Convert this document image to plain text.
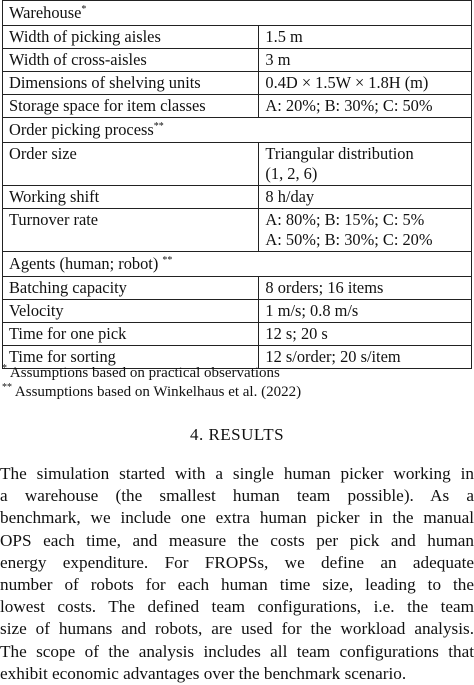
Warehouse*
Width of picking aisles	1.5 m

Width of cross-aisles	3 m

Dimensions of shelving units	0.4D × 1.5W × 1.8H (m)

Storage space for item classes	A: 20%; B: 30%; C: 50%

Order picking process**
Order size	Triangular distribution
(1, 2, 6)

Working shift	8 h/day

Turnover rate	A: 80%; B: 15%; C: 5%
A: 50%; B: 30%; C: 20%

Agents (human; robot) **
Batching capacity	8 orders; 16 items

Velocity	1 m/s; 0.8 m/s

Time for one pick	12 s; 20 s

Time for sorting	12 s/order; 20 s/item
* Assumptions based on practical observations
** Assumptions based on Winkelhaus et al. (2022)
4. RESULTS
The simulation started with a single human picker working in
a warehouse (the smallest human team possible). As a
benchmark, we include one extra human picker in the manual
OPS each time, and measure the costs per pick and human
energy expenditure. For FROPSs, we define an adequate
number of robots for each human time size, leading to the
lowest costs. The defined team configurations, i.e. the team
size of humans and robots, are used for the workload analysis.
The scope of the analysis includes all team configurations that
exhibit economic advantages over the benchmark scenario.
